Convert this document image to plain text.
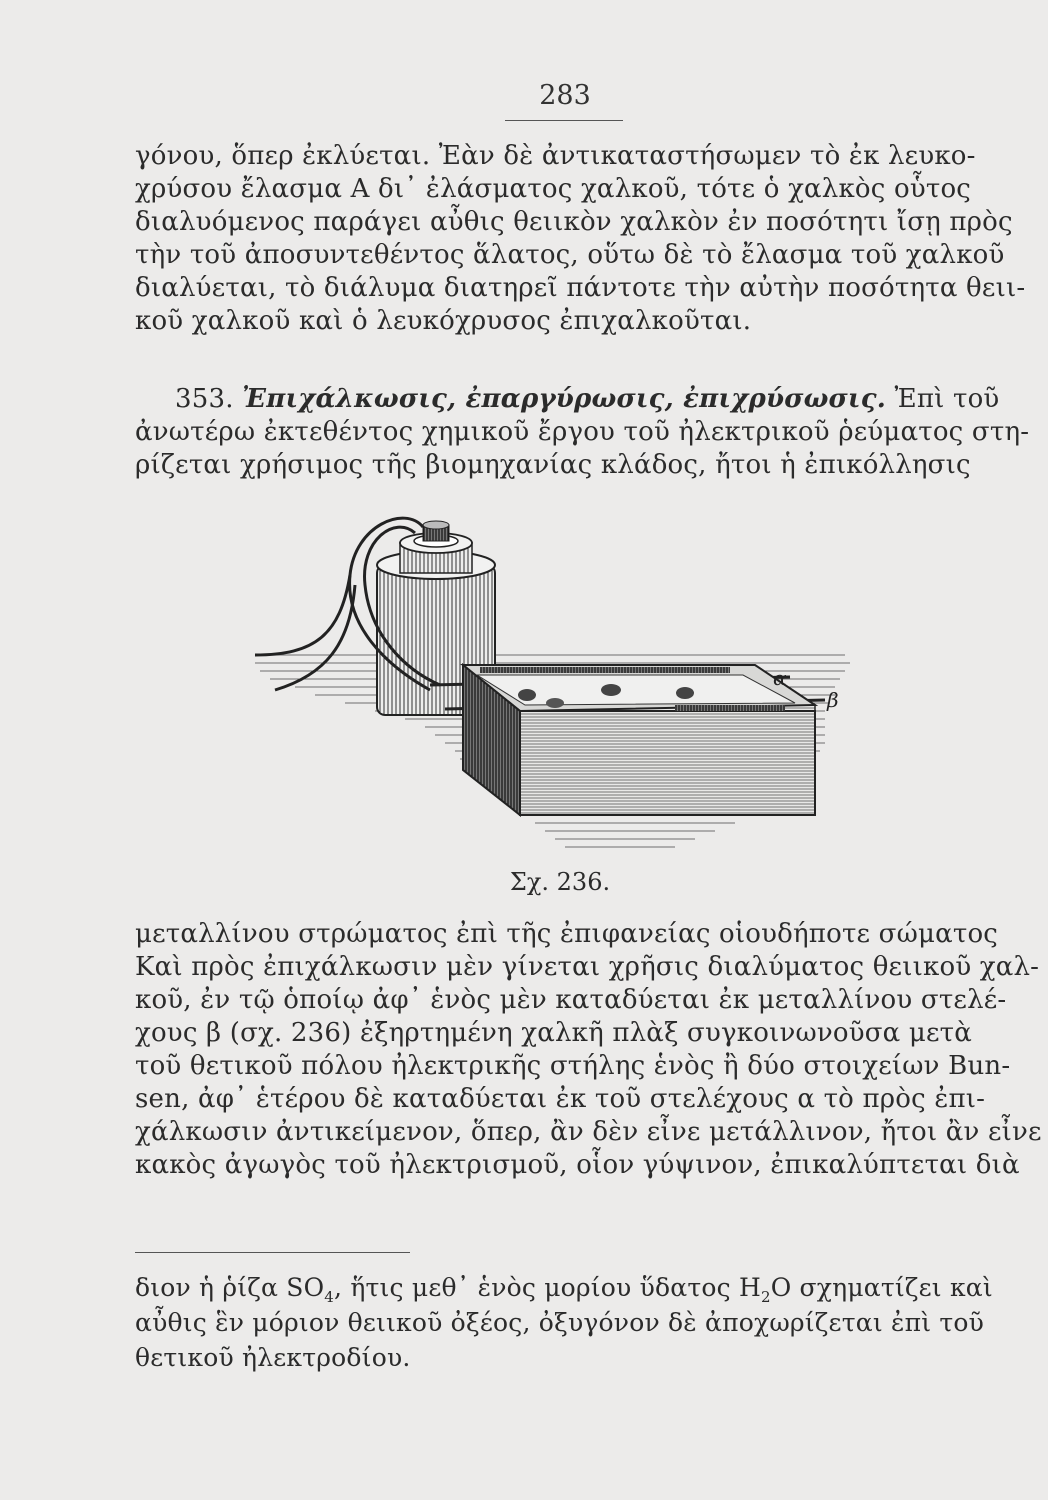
283
γόνου, ὅπερ ἐκλύεται. Ἐὰν δὲ ἀντικαταστήσωμεν τὸ ἐκ λευκο-
χρύσου ἔλασμα Α δι᾽ ἐλάσματος χαλκοῦ, τότε ὁ χαλκὸς οὗτος
διαλυόμενος παράγει αὖθις θειικὸν χαλκὸν ἐν ποσότητι ἴσῃ πρὸς
τὴν τοῦ ἀποσυντεθέντος ἅλατος, οὕτω δὲ τὸ ἔλασμα τοῦ χαλκοῦ
διαλύεται, τὸ διάλυμα διατηρεῖ πάντοτε τὴν αὐτὴν ποσότητα θειι-
κοῦ χαλκοῦ καὶ ὁ λευκόχρυσος ἐπιχαλκοῦται.
353. Ἐπιχάλκωσις, ἐπαργύρωσις, ἐπιχρύσωσις. Ἐπὶ τοῦ
ἀνωτέρω ἐκτεθέντος χημικοῦ ἔργου τοῦ ἠλεκτρικοῦ ῥεύματος στη-
ρίζεται χρήσιμος τῆς βιομηχανίας κλάδος, ἤτοι ἡ ἐπικόλλησις
α
β
Σχ. 236.
μεταλλίνου στρώματος ἐπὶ τῆς ἐπιφανείας οἱουδήποτε σώματος
Καὶ πρὸς ἐπιχάλκωσιν μὲν γίνεται χρῆσις διαλύματος θειικοῦ χαλ-
κοῦ, ἐν τῷ ὁποίῳ ἀφ᾽ ἑνὸς μὲν καταδύεται ἐκ μεταλλίνου στελέ-
χους β (σχ. 236) ἐξηρτημένη χαλκῆ πλὰξ συγκοινωνοῦσα μετὰ
τοῦ θετικοῦ πόλου ἠλεκτρικῆς στήλης ἑνὸς ἢ δύο στοιχείων Bun-
sen, ἀφ᾽ ἑτέρου δὲ καταδύεται ἐκ τοῦ στελέχους α τὸ πρὸς ἐπι-
χάλκωσιν ἀντικείμενον, ὅπερ, ἂν δὲν εἶνε μετάλλινον, ἤτοι ἂν εἶνε
κακὸς ἀγωγὸς τοῦ ἠλεκτρισμοῦ, οἷον γύψινον, ἐπικαλύπτεται διὰ
διον ἡ ῥίζα $SO_4$, ἥτις μεθ᾽ ἑνὸς μορίου ὕδατος $H_2O$ σχηματίζει καὶ
αὖθις ἓν μόριον θειικοῦ ὀξέος, ὀξυγόνον δὲ ἀποχωρίζεται ἐπὶ τοῦ
θετικοῦ ἠλεκτροδίου.
